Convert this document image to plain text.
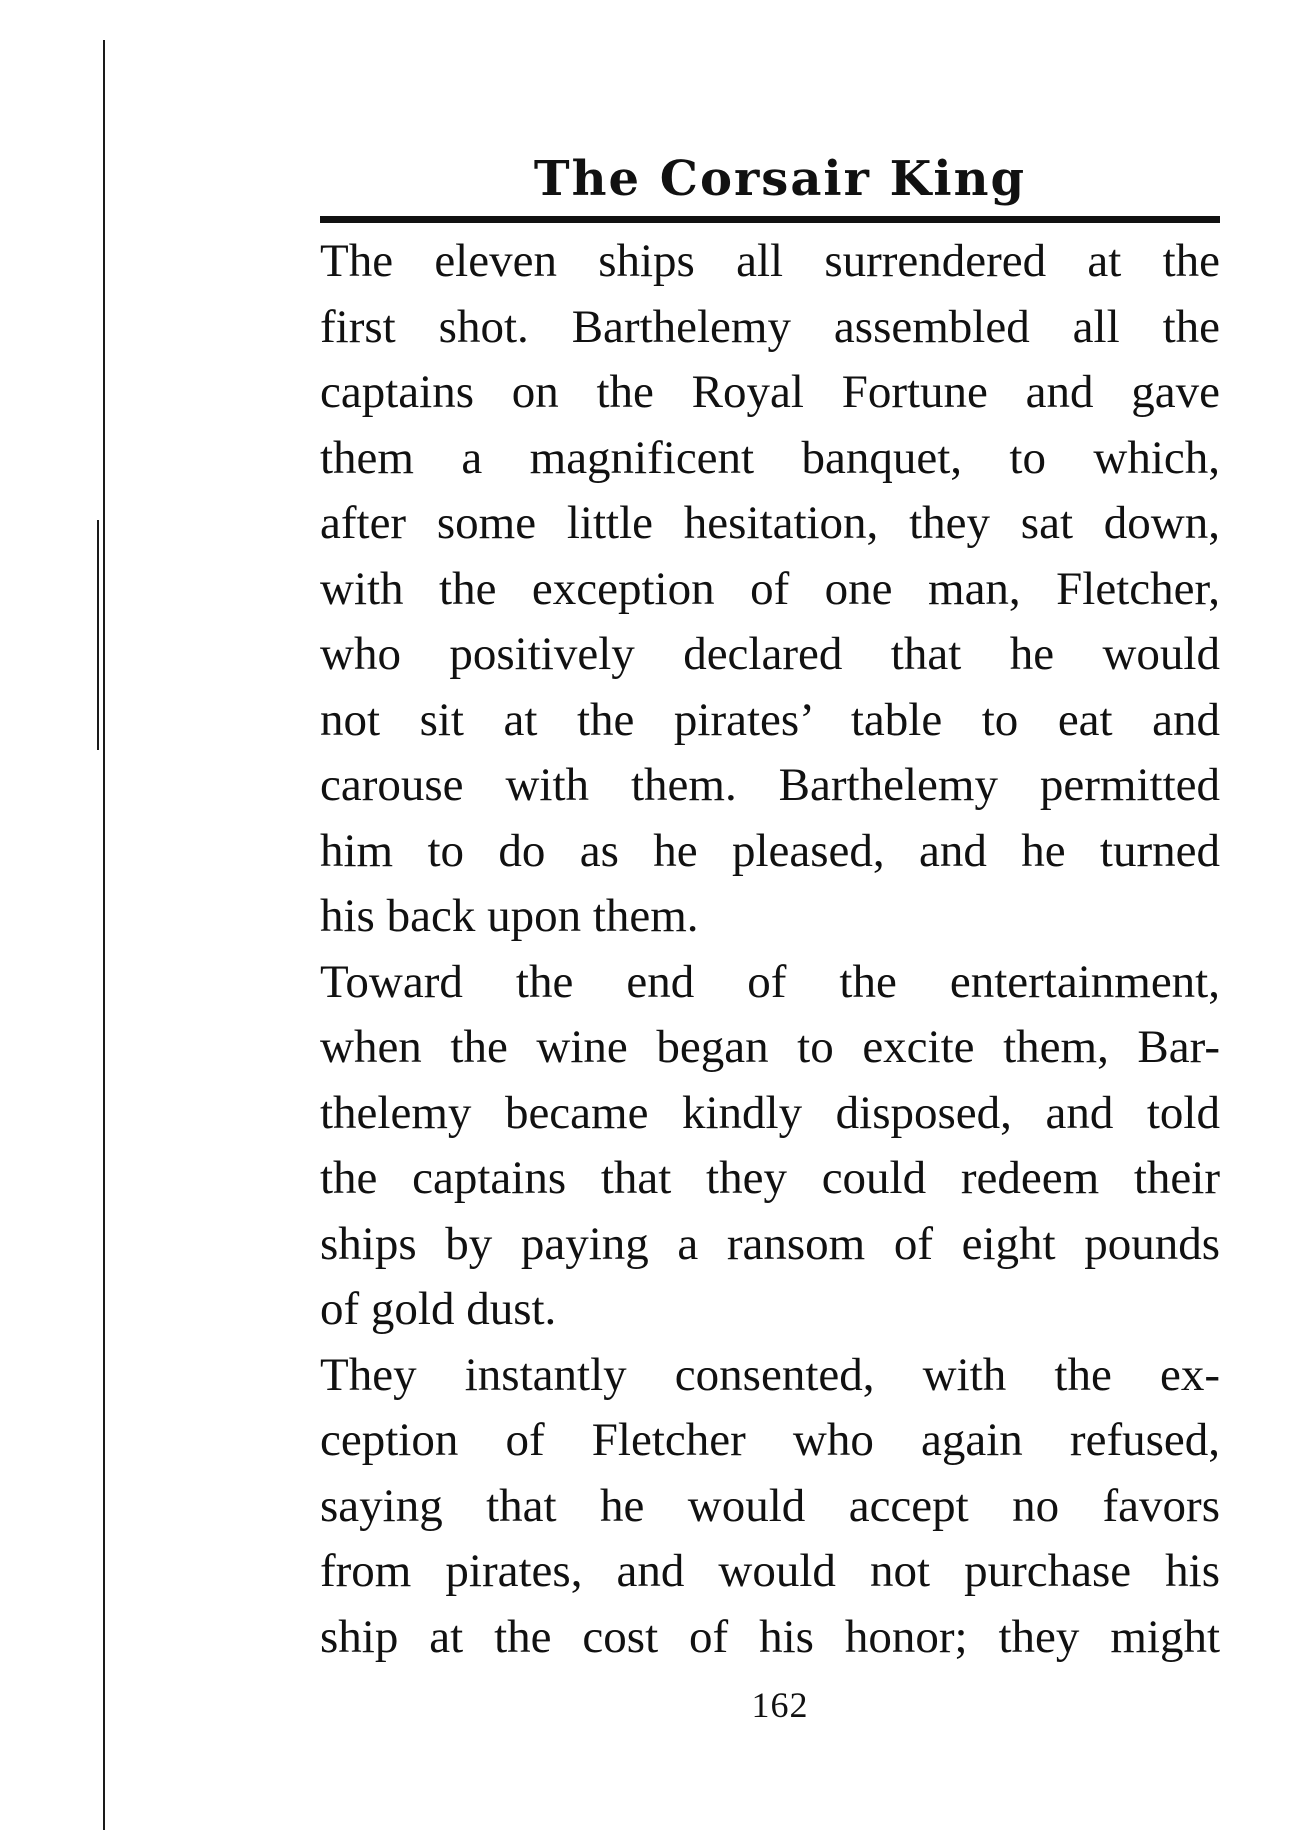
The Corsair King
The eleven ships all surrendered at the
first shot. Barthelemy assembled all the
captains on the Royal Fortune and gave
them a magnificent banquet, to which,
after some little hesitation, they sat down,
with the exception of one man, Fletcher,
who positively declared that he would
not sit at the pirates’ table to eat and
carouse with them. Barthelemy permitted
him to do as he pleased, and he turned
his back upon them.
Toward the end of the entertainment,
when the wine began to excite them, Bar-
thelemy became kindly disposed, and told
the captains that they could redeem their
ships by paying a ransom of eight pounds
of gold dust.
They instantly consented, with the ex-
ception of Fletcher who again refused,
saying that he would accept no favors
from pirates, and would not purchase his
ship at the cost of his honor; they might
162
